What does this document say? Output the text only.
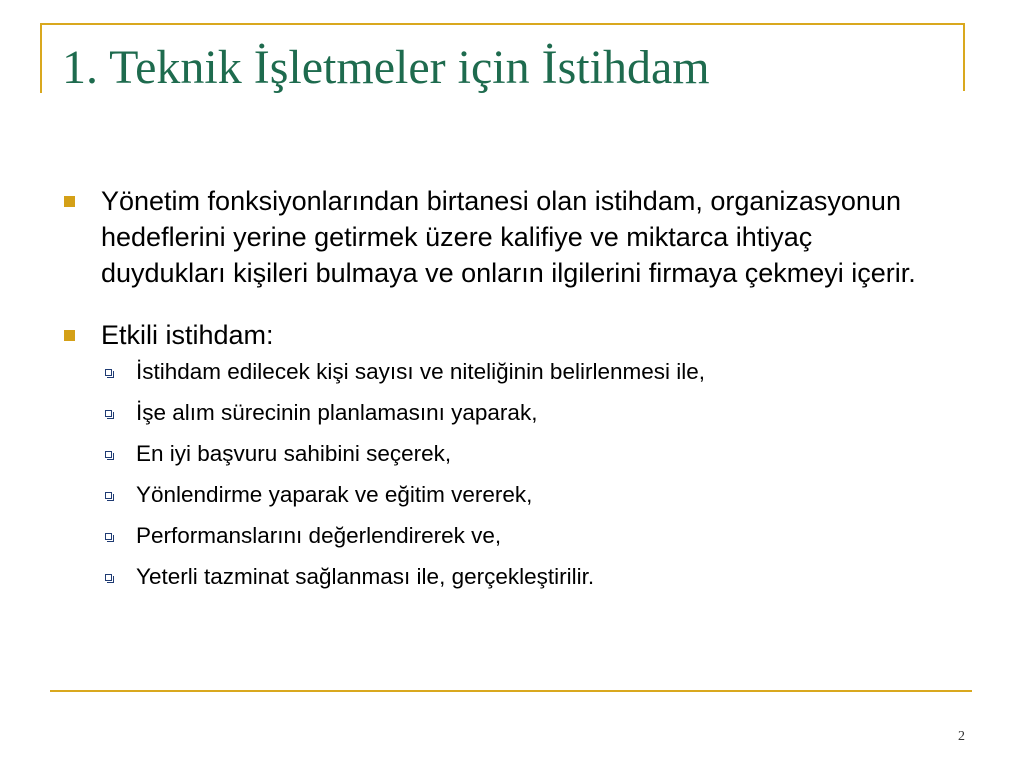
1. Teknik İşletmeler için İstihdam
Yönetim fonksiyonlarından birtanesi olan istihdam, organizasyonun hedeflerini yerine getirmek üzere kalifiye ve miktarca ihtiyaç duydukları kişileri bulmaya ve onların ilgilerini firmaya çekmeyi içerir.
Etkili istihdam:
İstihdam edilecek kişi sayısı ve niteliğinin belirlenmesi ile,
İşe alım sürecinin planlamasını yaparak,
En iyi başvuru sahibini seçerek,
Yönlendirme yaparak ve eğitim vererek,
Performanslarını değerlendirerek ve,
Yeterli tazminat sağlanması ile, gerçekleştirilir.
2
